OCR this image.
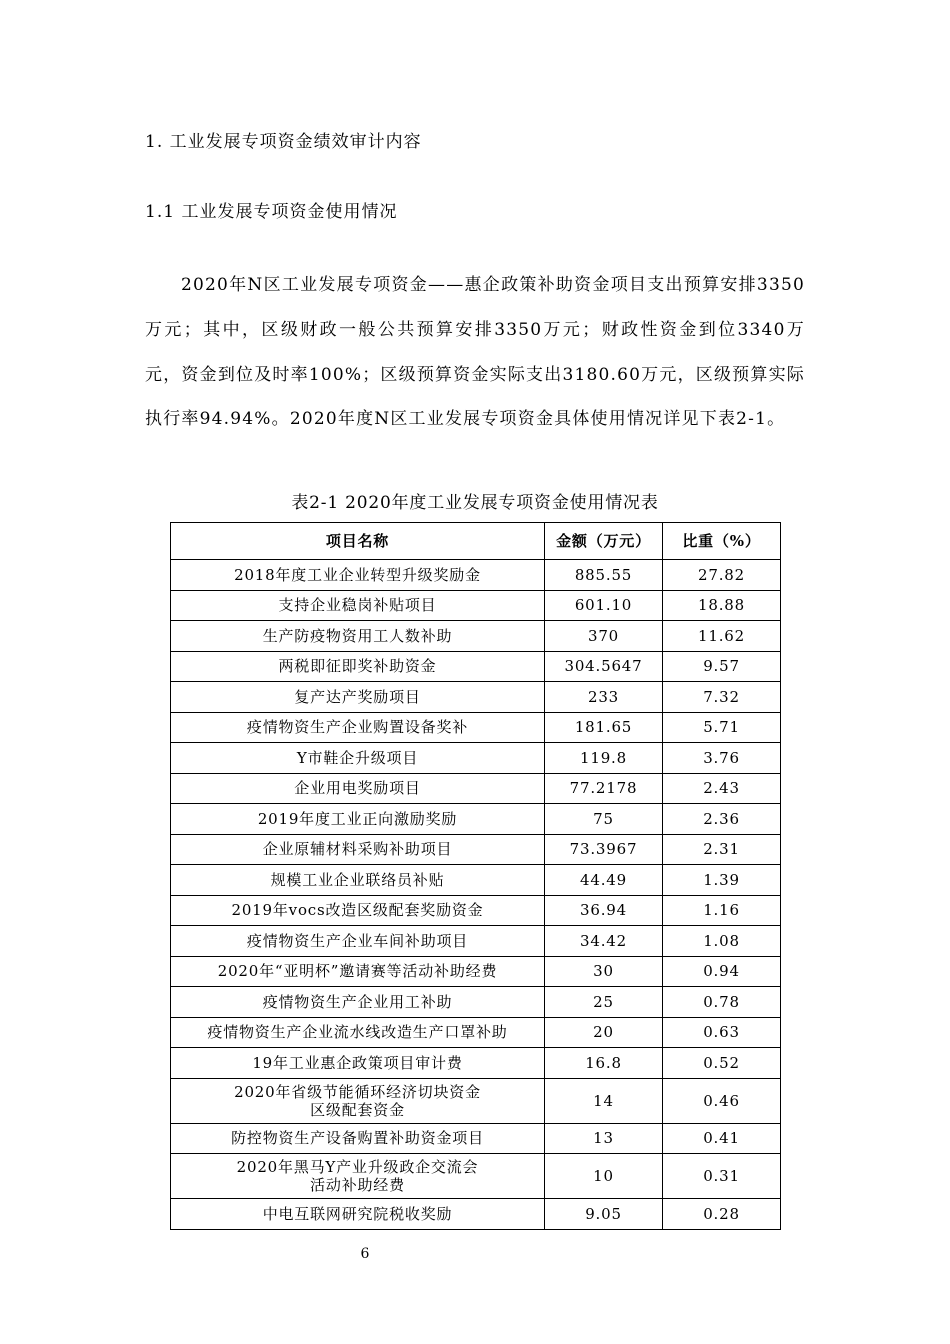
1. 工业发展专项资金绩效审计内容
1.1 工业发展专项资金使用情况

2020年N区工业发展专项资金——惠企政策补助资金项目支出预算安排3350万元；其中，区级财政一般公共预算安排3350万元；财政性资金到位3340万元，资金到位及时率100%；区级预算资金实际支出3180.60万元，区级预算实际执行率94.94%。2020年度N区工业发展专项资金具体使用情况详见下表2-1。

表2-1 2020年度工业发展专项资金使用情况表
项目名称	金额（万元）	比重（%）
2018年度工业企业转型升级奖励金	885.55	27.82
支持企业稳岗补贴项目	601.10	18.88
生产防疫物资用工人数补助	370	11.62
两税即征即奖补助资金	304.5647	9.57
复产达产奖励项目	233	7.32
疫情物资生产企业购置设备奖补	181.65	5.71
Y市鞋企升级项目	119.8	3.76
企业用电奖励项目	77.2178	2.43
2019年度工业正向激励奖励	75	2.36
企业原辅材料采购补助项目	73.3967	2.31
规模工业企业联络员补贴	44.49	1.39
2019年vocs改造区级配套奖励资金	36.94	1.16
疫情物资生产企业车间补助项目	34.42	1.08
2020年“亚明杯”邀请赛等活动补助经费	30	0.94
疫情物资生产企业用工补助	25	0.78
疫情物资生产企业流水线改造生产口罩补助	20	0.63
19年工业惠企政策项目审计费	16.8	0.52

2020年省级节能循环经济切块资金
区级配套资金	14	0.46
防控物资生产设备购置补助资金项目	13	0.41

2020年黑马Y产业升级政企交流会
活动补助经费	10	0.31
中电互联网研究院税收奖励	9.05	0.28
6
